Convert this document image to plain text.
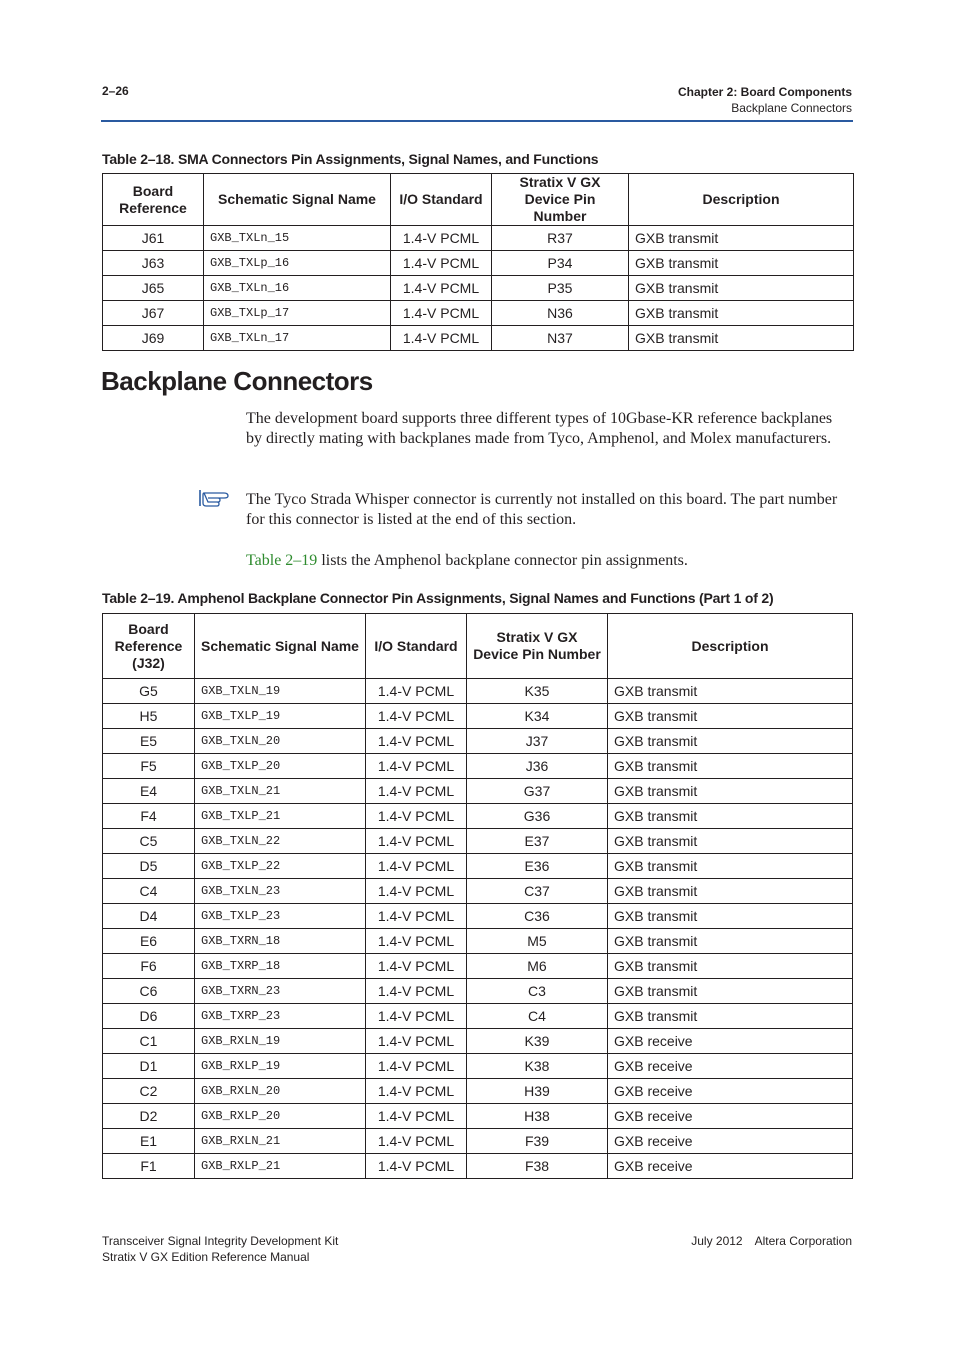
2–26	Chapter 2: Board Components
Backplane Connectors
Table 2–18. SMA Connectors Pin Assignments, Signal Names, and Functions
Board Reference	Schematic Signal Name	I/O Standard	Stratix V GX Device Pin Number	Description
J61	GXB_TXLn_15	1.4-V PCML	R37	GXB transmit
J63	GXB_TXLp_16	1.4-V PCML	P34	GXB transmit
J65	GXB_TXLn_16	1.4-V PCML	P35	GXB transmit
J67	GXB_TXLp_17	1.4-V PCML	N36	GXB transmit
J69	GXB_TXLn_17	1.4-V PCML	N37	GXB transmit
Backplane Connectors
The development board supports three different types of 10Gbase-KR reference backplanes by directly mating with backplanes made from Tyco, Amphenol, and Molex manufacturers.
The Tyco Strada Whisper connector is currently not installed on this board. The part number for this connector is listed at the end of this section.
Table 2–19 lists the Amphenol backplane connector pin assignments.
Table 2–19. Amphenol Backplane Connector Pin Assignments, Signal Names and Functions (Part 1 of 2)
Board Reference (J32)	Schematic Signal Name	I/O Standard	Stratix V GX Device Pin Number	Description
G5	GXB_TXLN_19	1.4-V PCML	K35	GXB transmit
H5	GXB_TXLP_19	1.4-V PCML	K34	GXB transmit
E5	GXB_TXLN_20	1.4-V PCML	J37	GXB transmit
F5	GXB_TXLP_20	1.4-V PCML	J36	GXB transmit
E4	GXB_TXLN_21	1.4-V PCML	G37	GXB transmit
F4	GXB_TXLP_21	1.4-V PCML	G36	GXB transmit
C5	GXB_TXLN_22	1.4-V PCML	E37	GXB transmit
D5	GXB_TXLP_22	1.4-V PCML	E36	GXB transmit
C4	GXB_TXLN_23	1.4-V PCML	C37	GXB transmit
D4	GXB_TXLP_23	1.4-V PCML	C36	GXB transmit
E6	GXB_TXRN_18	1.4-V PCML	M5	GXB transmit
F6	GXB_TXRP_18	1.4-V PCML	M6	GXB transmit
C6	GXB_TXRN_23	1.4-V PCML	C3	GXB transmit
D6	GXB_TXRP_23	1.4-V PCML	C4	GXB transmit
C1	GXB_RXLN_19	1.4-V PCML	K39	GXB receive
D1	GXB_RXLP_19	1.4-V PCML	K38	GXB receive
C2	GXB_RXLN_20	1.4-V PCML	H39	GXB receive
D2	GXB_RXLP_20	1.4-V PCML	H38	GXB receive
E1	GXB_RXLN_21	1.4-V PCML	F39	GXB receive
F1	GXB_RXLP_21	1.4-V PCML	F38	GXB receive
Transceiver Signal Integrity Development Kit
Stratix V GX Edition Reference Manual
July 2012 Altera Corporation
